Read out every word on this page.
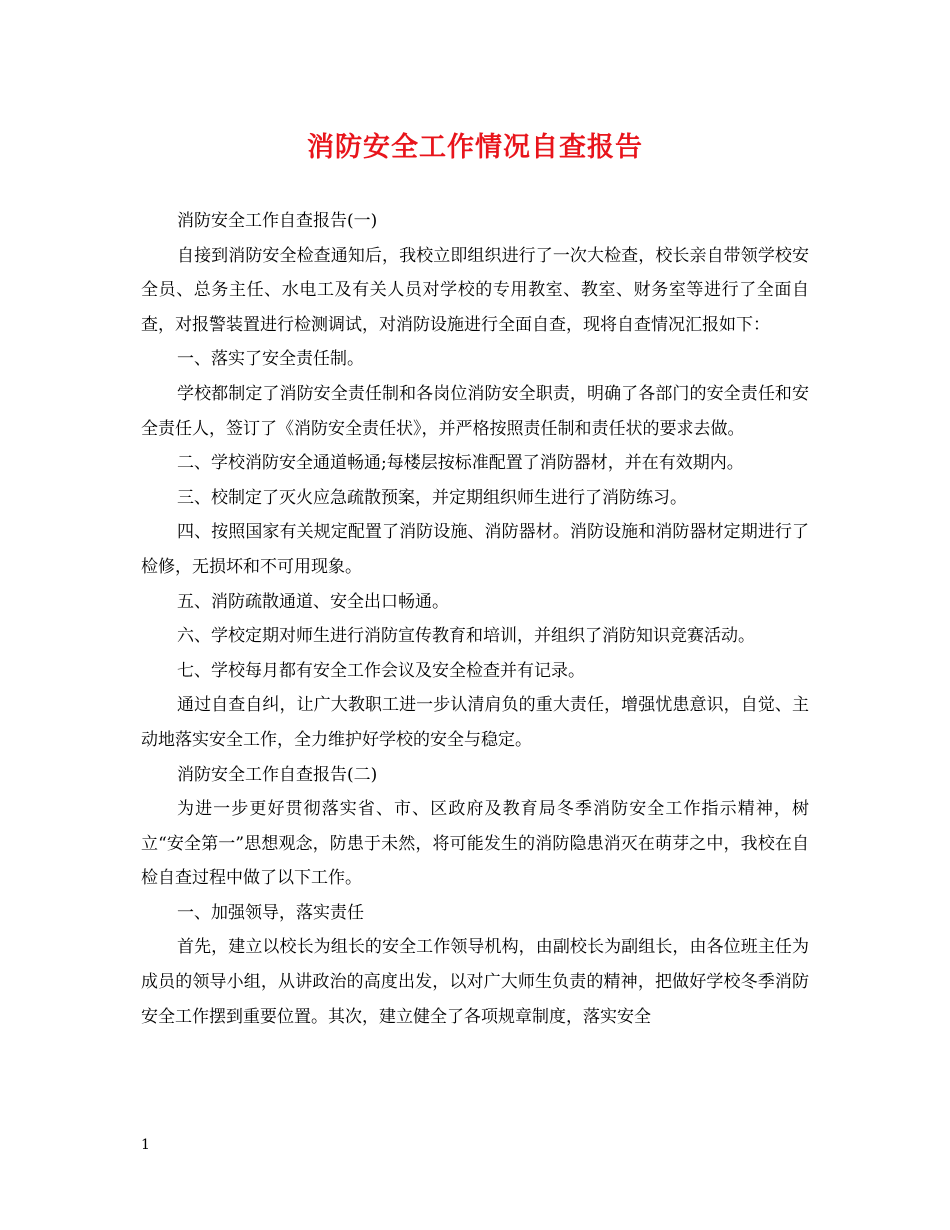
消防安全工作情况自查报告

消防安全工作自查报告(一)

自接到消防安全检查通知后，我校立即组织进行了一次大检查，校长亲自带领学校安全员、总务主任、水电工及有关人员对学校的专用教室、教室、财务室等进行了全面自查，对报警装置进行检测调试，对消防设施进行全面自查，现将自查情况汇报如下：

一、落实了安全责任制。

学校都制定了消防安全责任制和各岗位消防安全职责，明确了各部门的安全责任和安全责任人，签订了《消防安全责任状》，并严格按照责任制和责任状的要求去做。

二、学校消防安全通道畅通;每楼层按标准配置了消防器材，并在有效期内。

三、校制定了灭火应急疏散预案，并定期组织师生进行了消防练习。

四、按照国家有关规定配置了消防设施、消防器材。消防设施和消防器材定期进行了检修，无损坏和不可用现象。

五、消防疏散通道、安全出口畅通。

六、学校定期对师生进行消防宣传教育和培训，并组织了消防知识竞赛活动。

七、学校每月都有安全工作会议及安全检查并有记录。

通过自查自纠，让广大教职工进一步认清肩负的重大责任，增强忧患意识，自觉、主动地落实安全工作，全力维护好学校的安全与稳定。

消防安全工作自查报告(二)

为进一步更好贯彻落实省、市、区政府及教育局冬季消防安全工作指示精神，树立“安全第一”思想观念，防患于未然，将可能发生的消防隐患消灭在萌芽之中，我校在自检自查过程中做了以下工作。

一、加强领导，落实责任

首先，建立以校长为组长的安全工作领导机构，由副校长为副组长，由各位班主任为成员的领导小组，从讲政治的高度出发，以对广大师生负责的精神，把做好学校冬季消防安全工作摆到重要位置。其次，建立健全了各项规章制度，落实安全

1
